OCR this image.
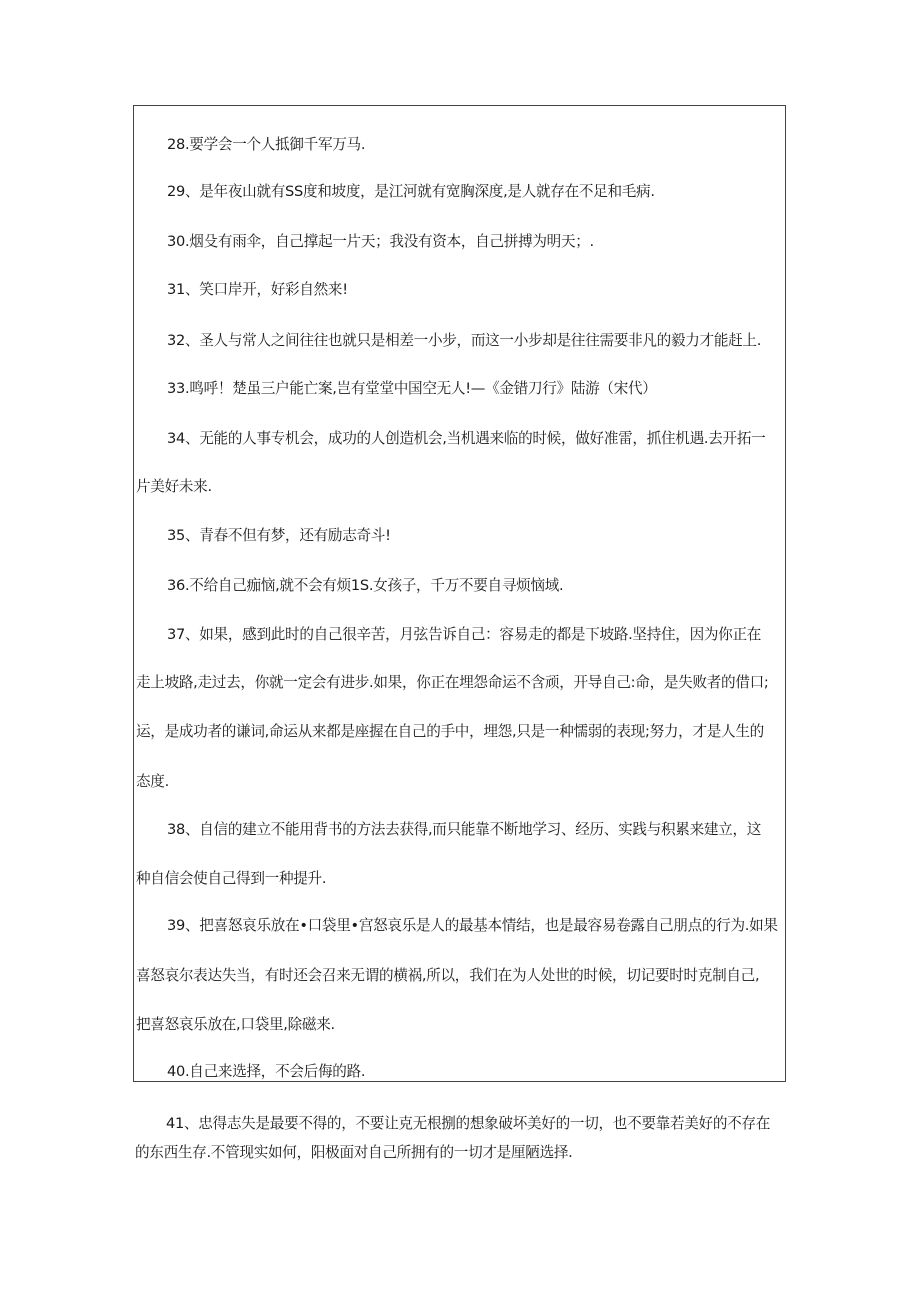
28.要学会一个人抵御千军万马.
29、是年夜山就有SS度和坡度，是江河就有宽胸深度,是人就存在不足和毛病.
30.烟殳有雨伞，自己撑起一片天；我没有资本，自己拼搏为明天；.
31、笑口岸开，好彩自然来!
32、圣人与常人之间往往也就只是相差一小步，而这一小步却是往往需要非凡的毅力才能赶上.
33.鸣呼！楚虽三户能亡案,岂有堂堂中国空无人!—《金错刀行》陆游（宋代）
34、无能的人事专机会，成功的人创造机会,当机遇来临的时候，做好准雷，抓住机遇.去开拓一
片美好未来.
35、青春不但有梦，还有励志奇斗!
36.不给自己痂恼,就不会有烦1S.女孩子，千万不要自寻烦恼域.
37、如果，感到此时的自己很辛苦，月弦告诉自己：容易走的都是下坡路.坚持住，因为你正在
走上坡路,走过去，你就一定会有进步.如果，你正在埋怨命运不含顽，开导自己:命，是失败者的借口;
运，是成功者的谦词,命运从来都是座握在自己的手中，埋怨,只是一种懦弱的表现;努力，才是人生的
态度.
38、自信的建立不能用背书的方法去获得,而只能靠不断地学习、经历、实践与积累来建立，这
种自信会使自己得到一种提升.
39、把喜怒哀乐放在•口袋里•宫怒哀乐是人的最基本情结，也是最容易卷露自己朋点的行为.如果
喜怒哀尔表达失当，有时还会召来无谓的横祸,所以，我们在为人处世的时候，切记要时时克制自己,
把喜怒哀乐放在,口袋里,除磁来.
40.自己来选择，不会后侮的路.
41、忠得志失是最要不得的，不要让克无根捌的想象破坏美好的一切，也不要靠若美好的不存在
的东西生存.不管现实如何，阳极面对自己所拥有的一切才是厘陋选择.
